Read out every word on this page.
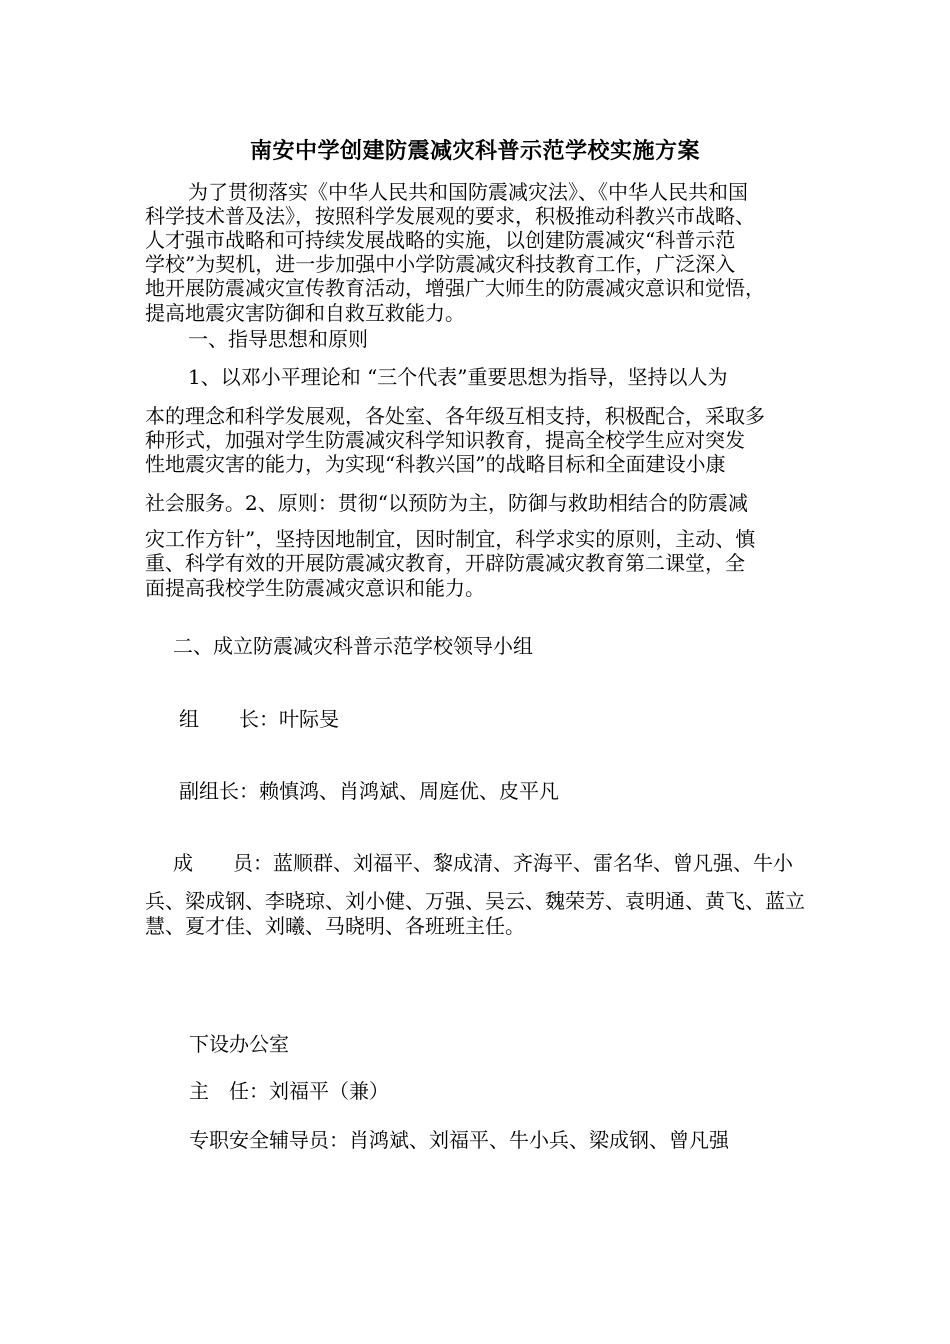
南安中学创建防震减灾科普示范学校实施方案
为了贯彻落实《中华人民共和国防震减灾法》、《中华人民共和国
科学技术普及法》，按照科学发展观的要求，积极推动科教兴市战略、
人才强市战略和可持续发展战略的实施，以创建防震减灾“科普示范
学校”为契机，进一步加强中小学防震减灾科技教育工作，广泛深入
地开展防震减灾宣传教育活动，增强广大师生的防震减灾意识和觉悟，
提高地震灾害防御和自救互救能力。
一、指导思想和原则
1、以邓小平理论和 “三个代表”重要思想为指导，坚持以人为
本的理念和科学发展观，各处室、各年级互相支持，积极配合，采取多
种形式，加强对学生防震减灾科学知识教育，提高全校学生应对突发
性地震灾害的能力，为实现“科教兴国”的战略目标和全面建设小康
社会服务。2、原则：贯彻“以预防为主，防御与救助相结合的防震减
灾工作方针”，坚持因地制宜，因时制宜，科学求实的原则，主动、慎
重、科学有效的开展防震减灾教育，开辟防震减灾教育第二课堂，全
面提高我校学生防震减灾意识和能力。
二、成立防震减灾科普示范学校领导小组
组　　长：叶际旻
副组长：赖慎鸿、肖鸿斌、周庭优、皮平凡
成　　员：蓝顺群、刘福平、黎成清、齐海平、雷名华、曾凡强、牛小
兵、梁成钢、李晓琼、刘小健、万强、吴云、魏荣芳、袁明通、黄飞、蓝立
慧、夏才佳、刘曦、马晓明、各班班主任。
下设办公室
主　任：刘福平（兼）
专职安全辅导员：肖鸿斌、刘福平、牛小兵、梁成钢、曾凡强
